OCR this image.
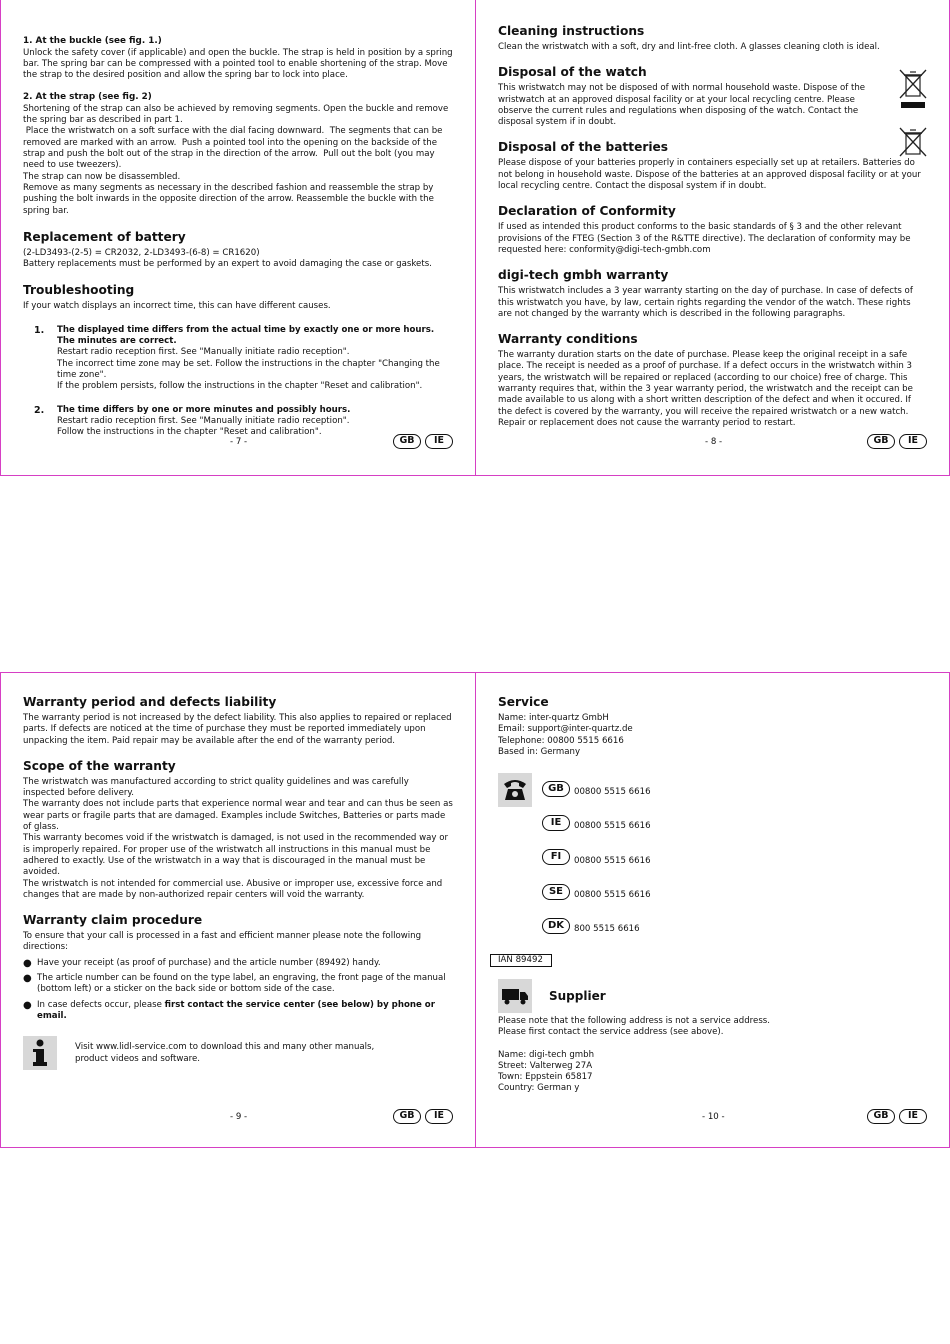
1. At the buckle (see fig. 1.)

Unlock the safety cover (if applicable) and open the buckle. The strap is held in position by a spring bar. The spring bar can be compressed with a pointed tool to enable shortening of the strap. Move the strap to the desired position and allow the spring bar to lock into place.

2. At the strap (see fig. 2)

Shortening of the strap can also be achieved by removing segments. Open the buckle and remove the spring bar as described in part 1.

Place the wristwatch on a soft surface with the dial facing downward.  The segments that can be removed are marked with an arrow.  Push a pointed tool into the opening on the backside of the strap and push the bolt out of the strap in the direction of the arrow.  Pull out the bolt (you may need to use tweezers).

The strap can now be disassembled.

Remove as many segments as necessary in the described fashion and reassemble the strap by pushing the bolt inwards in the opposite direction of the arrow. Reassemble the buckle with the spring bar.

Replacement of battery

(2-LD3493-(2-5) = CR2032, 2-LD3493-(6-8) = CR1620)

Battery replacements must be performed by an expert to avoid damaging the case or gaskets.

Troubleshooting

If your watch displays an incorrect time, this can have different causes.

1.	The displayed time differs from the actual time by exactly one or more hours. The minutes are correct.
Restart radio reception first. See "Manually initiate radio reception".
The incorrect time zone may be set. Follow the instructions in the chapter "Changing the time zone".
If the problem persists, follow the instructions in the chapter "Reset and calibration".
2.	The time differs by one or more minutes and possibly hours.
Restart radio reception first. See "Manually initiate radio reception".
Follow the instructions in the chapter "Reset and calibration".
- 7 -	GB	IE
Cleaning instructions

Clean the wristwatch with a soft, dry and lint-free cloth. A glasses cleaning cloth is ideal.

Disposal of the watch

This wristwatch may not be disposed of with normal household waste. Dispose of the wristwatch at an approved disposal facility or at your local recycling centre. Please observe the current rules and regulations when disposing of the watch. Contact the disposal system if in doubt.

Disposal of the batteries

Please dispose of your batteries properly in containers especially set up at retailers. Batteries do not belong in household waste. Dispose of the batteries at an approved disposal facility or at your local recycling centre. Contact the disposal system if in doubt.

Declaration of Conformity

If used as intended this product conforms to the basic standards of § 3 and the other relevant provisions of the FTEG (Section 3 of the R&TTE directive). The declaration of conformity may be requested here: conformity@digi-tech-gmbh.com

digi-tech gmbh warranty

This wristwatch includes a 3 year warranty starting on the day of purchase. In case of defects of this wristwatch you have, by law, certain rights regarding the vendor of the watch. These rights are not changed by the warranty which is described in the following paragraphs.

Warranty conditions

The warranty duration starts on the date of purchase. Please keep the original receipt in a safe place. The receipt is needed as a proof of purchase. If a defect occurs in the wristwatch within 3 years, the wristwatch will be repaired or replaced (according to our choice) free of charge. This warranty requires that, within the 3 year warranty period, the wristwatch and the receipt can be made available to us along with a short written description of the defect and when it occured. If the defect is covered by the warranty, you will receive the repaired wristwatch or a new watch. Repair or replacement does not cause the warranty period to restart.

- 8 -	GB	IE
Warranty period and defects liability

The warranty period is not increased by the defect liability. This also applies to repaired or replaced parts. If defects are noticed at the time of purchase they must be reported immediately upon unpacking the item. Paid repair may be available after the end of the warranty period.

Scope of the warranty

The wristwatch was manufactured according to strict quality guidelines and was carefully inspected before delivery.

The warranty does not include parts that experience normal wear and tear and can thus be seen as wear parts or fragile parts that are damaged. Examples include Switches, Batteries or parts made of glass.

This warranty becomes void if the wristwatch is damaged, is not used in the recommended way or is improperly repaired. For proper use of the wristwatch all instructions in this manual must be adhered to exactly. Use of the wristwatch in a way that is discouraged in the manual must be avoided.

The wristwatch is not intended for commercial use. Abusive or improper use, excessive force and changes that are made by non-authorized repair centers will void the warranty.

Warranty claim procedure

To ensure that your call is processed in a fast and efficient manner please note the following directions:

● Have your receipt (as proof of purchase) and the article number (89492) handy.
● The article number can be found on the type label, an engraving, the front page of the manual (bottom left) or a sticker on the back side or bottom side of the case.
● In case defects occur, please first contact the service center (see below) by phone or email.
Visit www.lidl-service.com to download this and many other manuals,
product videos and software.
- 9 -	GB	IE
Service

Name: inter-quartz GmbH

Email: support@inter-quartz.de

Telephone: 00800 5515 6616

Based in: Germany

GB	00800 5515 6616
IE	00800 5515 6616
FI	00800 5515 6616
SE	00800 5515 6616
DK	800 5515 6616
IAN 89492
Supplier

Please note that the following address is not a service address.

Please first contact the service address (see above).

Name: digi-tech gmbh

Street: Valterweg 27A

Town: Eppstein 65817

Country: German y

- 10 -	GB	IE
